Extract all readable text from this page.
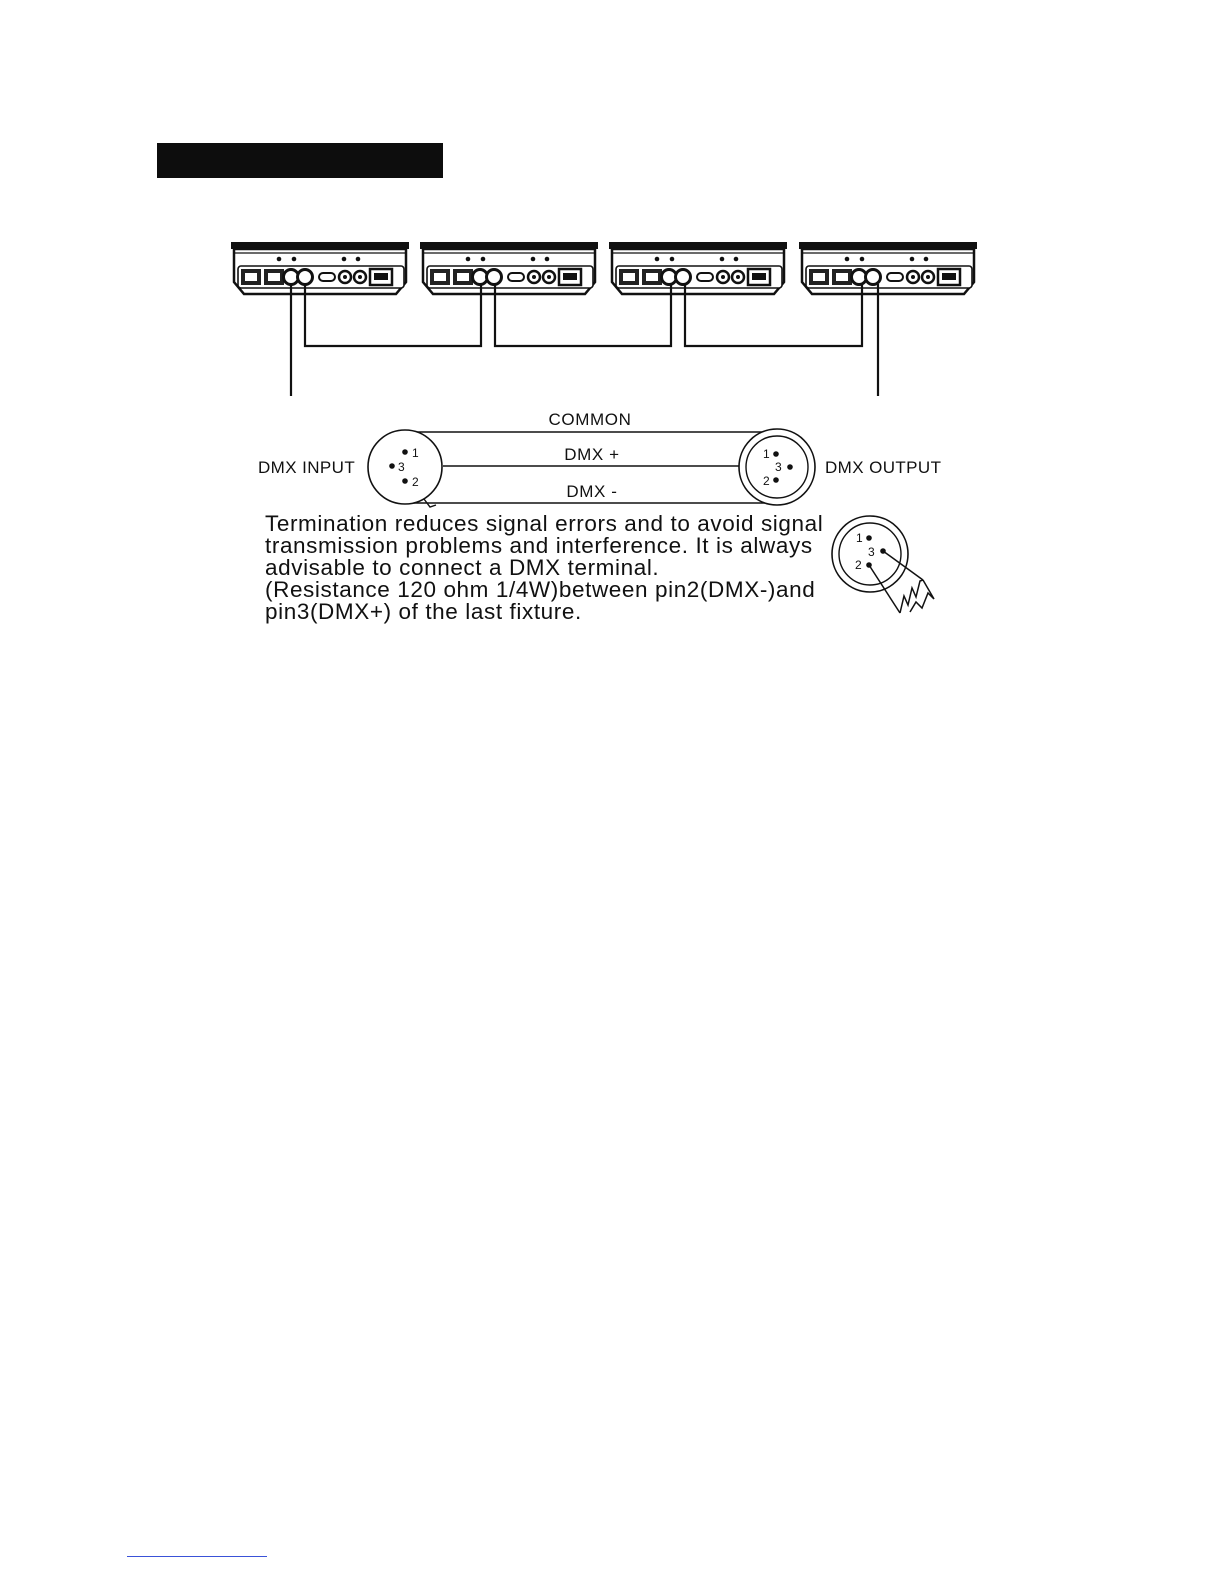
1
3
2
1
3
2
COMMON
DMX +
DMX -
DMX INPUT	DMX OUTPUT
1
3
2
Termination reduces signal errors and to avoid signal
transmission problems and interference. It is always
advisable to connect a DMX terminal.
(Resistance 120 ohm 1/4W)between pin2(DMX-)and
pin3(DMX+) of the last fixture.
